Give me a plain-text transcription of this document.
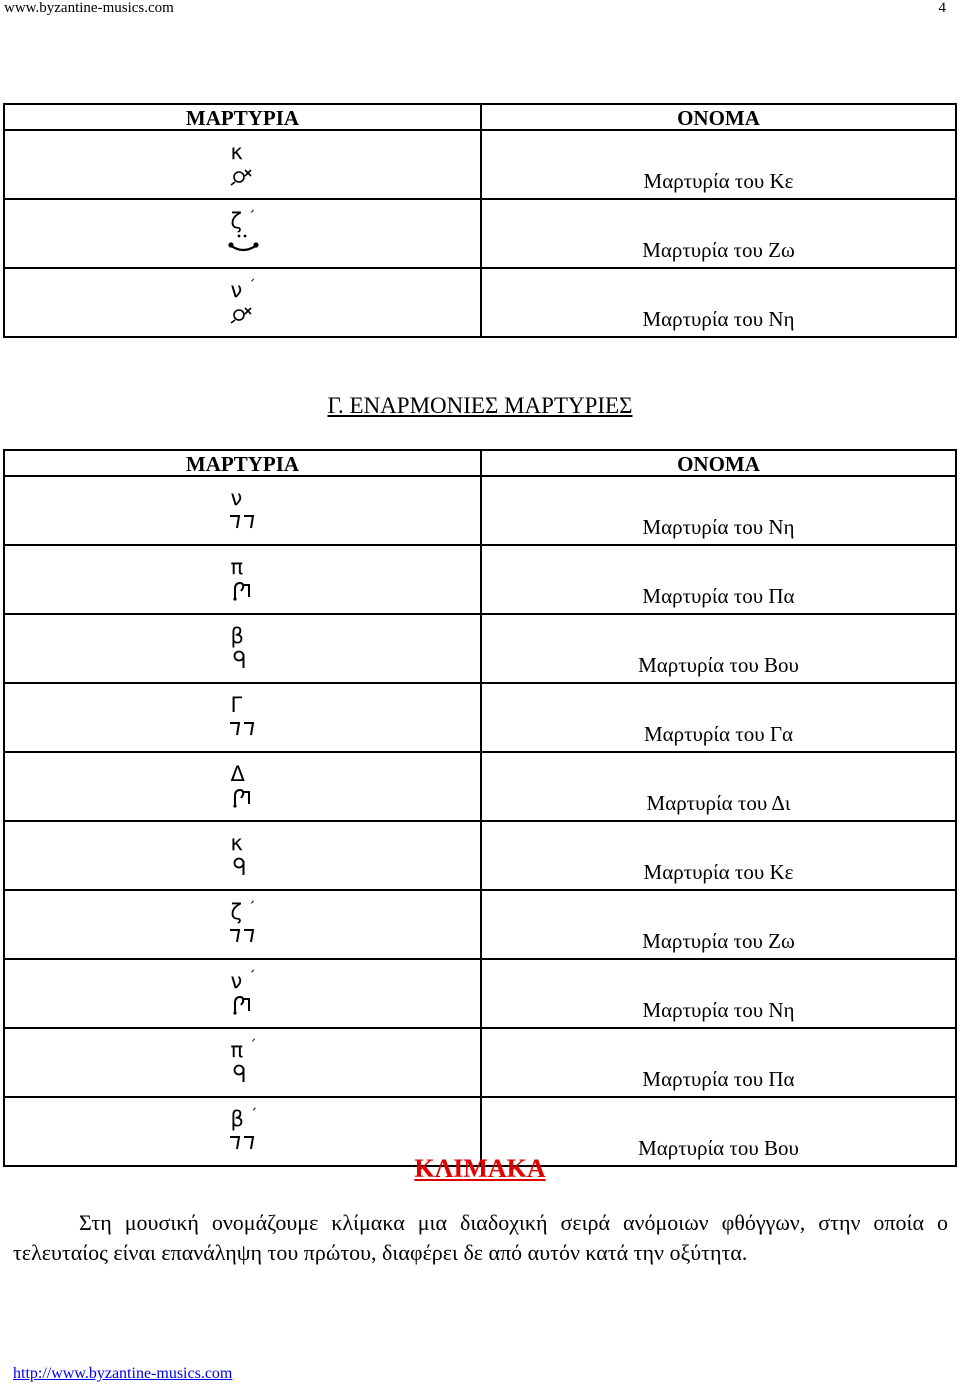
www.byzantine-musics.com	4
ΜΑΡΤΥΡΙΑ	ΟΝΟΜΑ

κ	Μαρτυρία του Κε

ζ ΄	Μαρτυρία του Ζω

ν ΄	Μαρτυρία του Νη
Γ. ΕΝΑΡΜΟΝΙΕΣ ΜΑΡΤΥΡΙΕΣ
ΜΑΡΤΥΡΙΑ	ΟΝΟΜΑ

ν	Μαρτυρία του Νη

π	Μαρτυρία του Πα

β	Μαρτυρία του Βου

Γ	Μαρτυρία του Γα

Δ	Μαρτυρία του Δι

κ	Μαρτυρία του Κε

ζ ΄	Μαρτυρία του Ζω

ν ΄	Μαρτυρία του Νη

π ΄	Μαρτυρία του Πα

β ΄	Μαρτυρία του Βου
ΚΛΙΜΑΚΑ
Στη μουσική ονομάζουμε κλίμακα μια διαδοχική σειρά ανόμοιων φθόγγων, στην οποία ο τελευταίος είναι επανάληψη του πρώτου, διαφέρει δε από αυτόν κατά την οξύτητα.
http://www.byzantine-musics.com
